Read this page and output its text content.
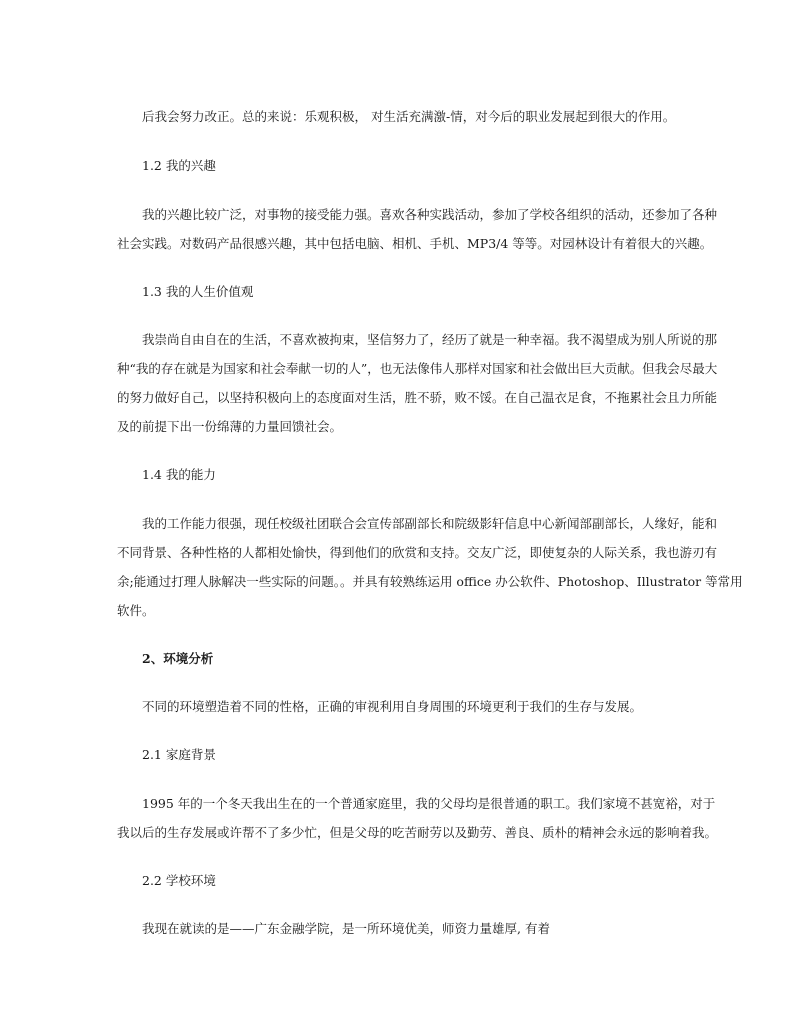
后我会努力改正。总的来说：乐观积极， 对生活充满激-情，对今后的职业发展起到很大的作用。
1.2 我的兴趣
我的兴趣比较广泛，对事物的接受能力强。喜欢各种实践活动，参加了学校各组织的活动，还参加了各种
社会实践。对数码产品很感兴趣，其中包括电脑、相机、手机、MP3/4 等等。对园林设计有着很大的兴趣。
1.3 我的人生价值观
我崇尚自由自在的生活，不喜欢被拘束，坚信努力了，经历了就是一种幸福。我不渴望成为别人所说的那
种“我的存在就是为国家和社会奉献一切的人”，也无法像伟人那样对国家和社会做出巨大贡献。但我会尽最大
的努力做好自己，以坚持积极向上的态度面对生活，胜不骄，败不馁。在自己温衣足食，不拖累社会且力所能
及的前提下出一份绵薄的力量回馈社会。
1.4 我的能力
我的工作能力很强，现任校级社团联合会宣传部副部长和院级影轩信息中心新闻部副部长，人缘好，能和
不同背景、各种性格的人都相处愉快，得到他们的欣赏和支持。交友广泛，即使复杂的人际关系，我也游刃有
余;能通过打理人脉解决一些实际的问题。。并具有较熟练运用 office 办公软件、Photoshop、Illustrator 等常用
软件。
2、环境分析
不同的环境塑造着不同的性格，正确的审视利用自身周围的环境更利于我们的生存与发展。
2.1 家庭背景
1995 年的一个冬天我出生在的一个普通家庭里，我的父母均是很普通的职工。我们家境不甚宽裕，对于
我以后的生存发展或许帮不了多少忙，但是父母的吃苦耐劳以及勤劳、善良、质朴的精神会永远的影响着我。
2.2 学校环境
我现在就读的是——广东金融学院，是一所环境优美，师资力量雄厚, 有着
